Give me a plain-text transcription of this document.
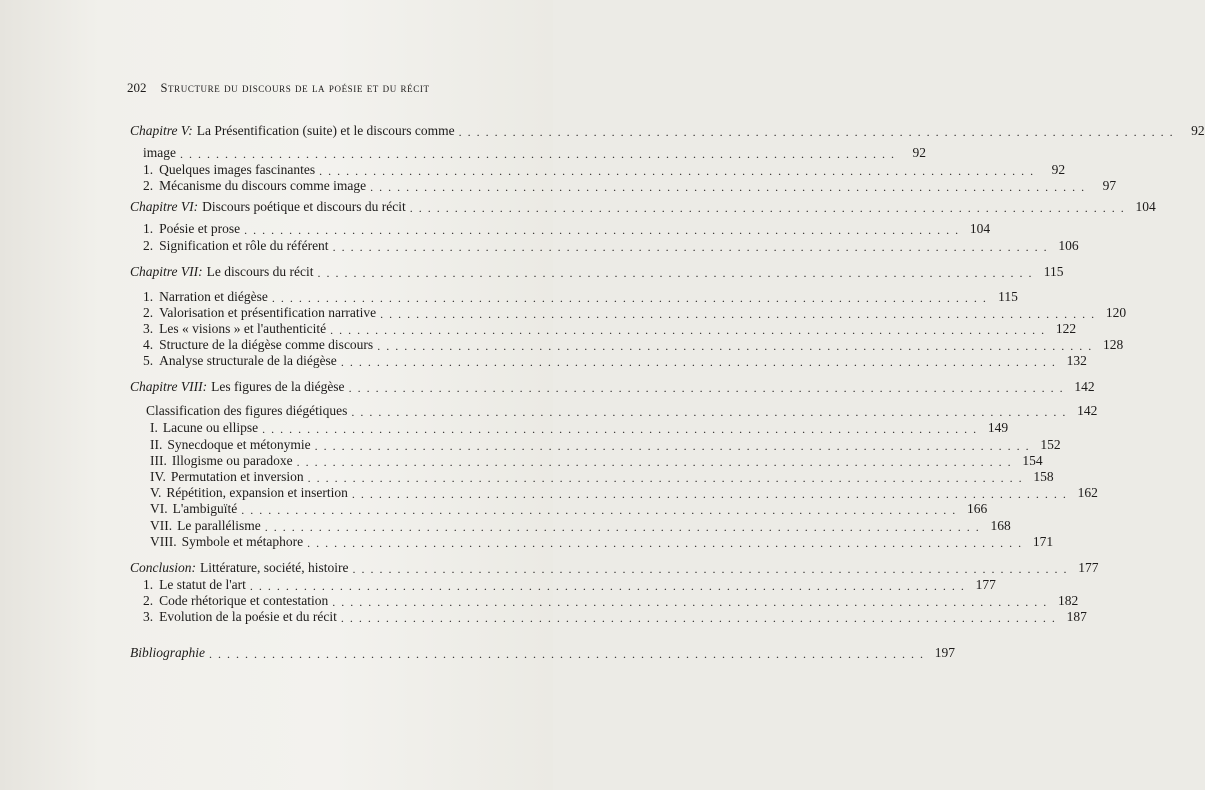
202 Structure du discours de la poésie et du récit
Chapitre V: La Présentification (suite) et le discours comme ................................................................................ 92
image ................................................................................ 92
1. Quelques images fascinantes ................................................................................ 92
2. Mécanisme du discours comme image ................................................................................ 97
Chapitre VI: Discours poétique et discours du récit ................................................................................ 104
1. Poésie et prose ................................................................................ 104
2. Signification et rôle du référent ................................................................................ 106
Chapitre VII: Le discours du récit ................................................................................ 115
1. Narration et diégèse ................................................................................ 115
2. Valorisation et présentification narrative ................................................................................ 120
3. Les « visions » et l'authenticité ................................................................................ 122
4. Structure de la diégèse comme discours ................................................................................ 128
5. Analyse structurale de la diégèse ................................................................................ 132
Chapitre VIII: Les figures de la diégèse ................................................................................ 142
Classification des figures diégétiques ................................................................................ 142
I. Lacune ou ellipse ................................................................................ 149
II. Synecdoque et métonymie ................................................................................ 152
III. Illogisme ou paradoxe ................................................................................ 154
IV. Permutation et inversion ................................................................................ 158
V. Répétition, expansion et insertion ................................................................................ 162
VI. L'ambiguïté ................................................................................ 166
VII. Le parallélisme ................................................................................ 168
VIII. Symbole et métaphore ................................................................................ 171
Conclusion: Littérature, société, histoire ................................................................................ 177
1. Le statut de l'art ................................................................................ 177
2. Code rhétorique et contestation ................................................................................ 182
3. Evolution de la poésie et du récit ................................................................................ 187
Bibliographie ................................................................................ 197
